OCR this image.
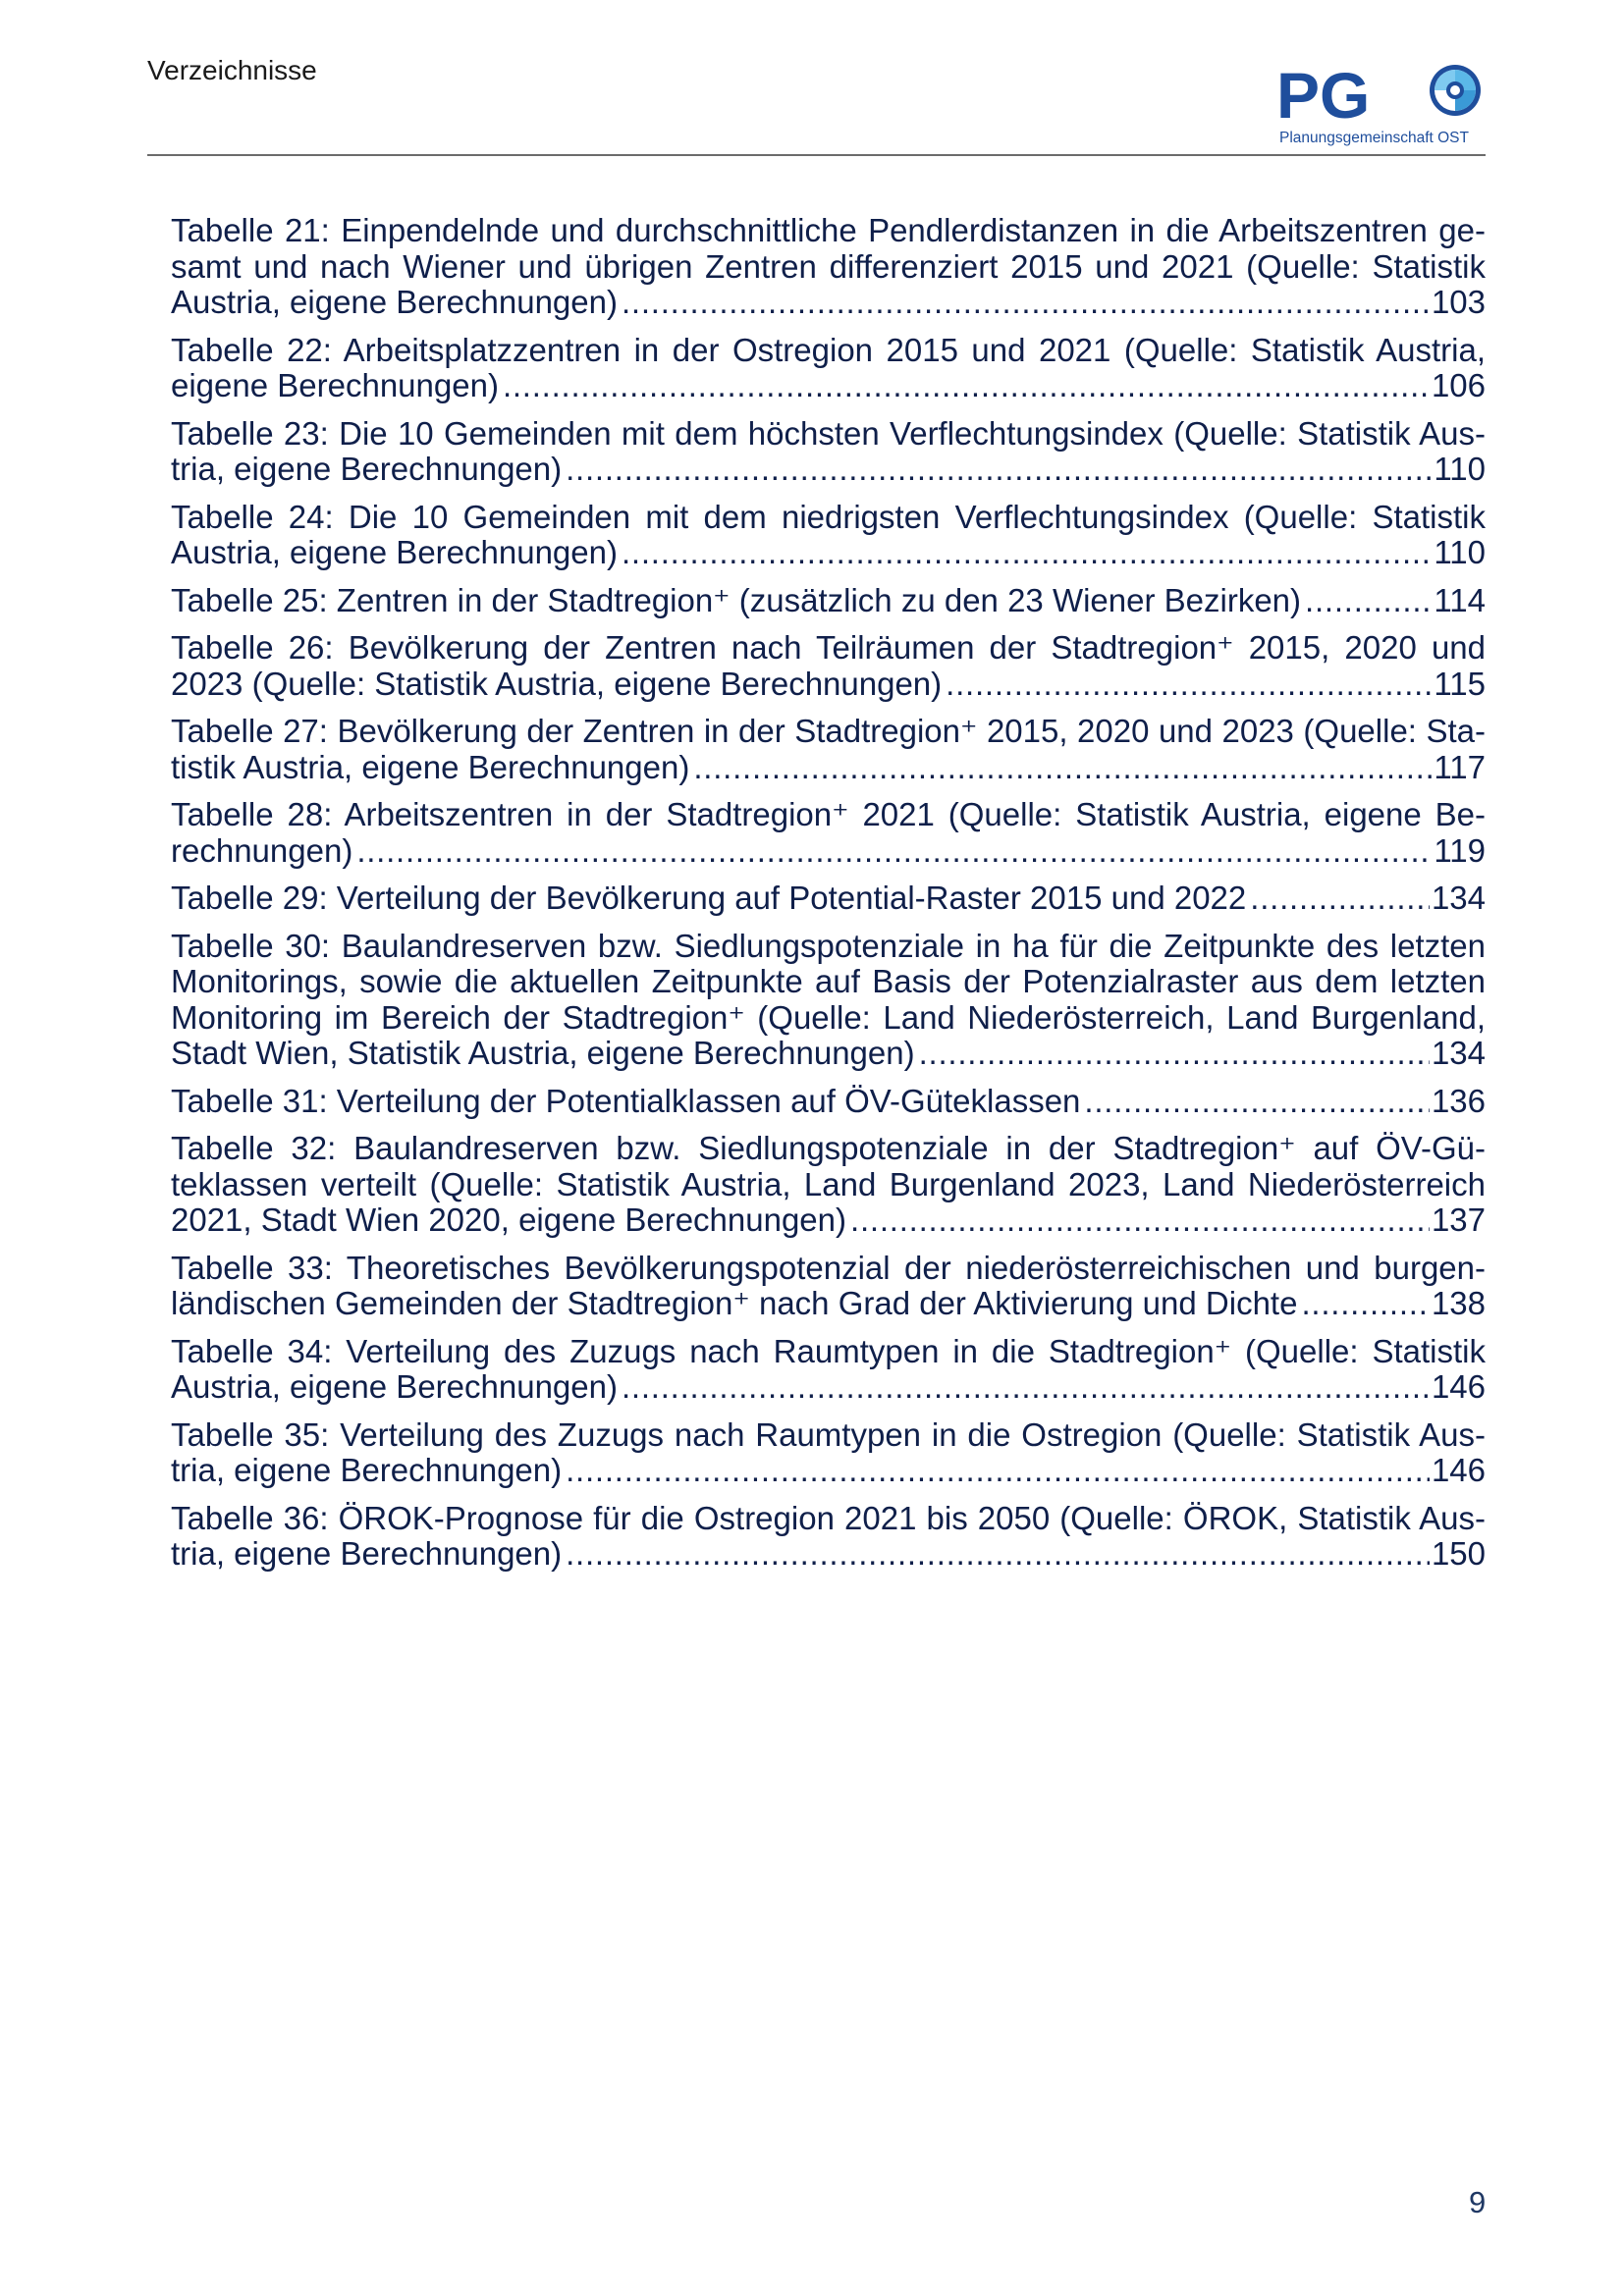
Verzeichnisse	PG
Planungsgemeinschaft OST
Tabelle 21: Einpendelnde und durchschnittliche Pendlerdistanzen in die Arbeitszentren ge-
samt und nach Wiener und übrigen Zentren differenziert 2015 und 2021 (Quelle: Statistik
Austria, eigene Berechnungen) . . .	103
Tabelle 22: Arbeitsplatzzentren in der Ostregion 2015 und 2021 (Quelle: Statistik Austria,
eigene Berechnungen) . . .	106
Tabelle 23: Die 10 Gemeinden mit dem höchsten Verflechtungsindex (Quelle: Statistik Aus-
tria, eigene Berechnungen) . . .	110
Tabelle 24: Die 10 Gemeinden mit dem niedrigsten Verflechtungsindex (Quelle: Statistik
Austria, eigene Berechnungen) . . .	110
Tabelle 25: Zentren in der Stadtregion⁺ (zusätzlich zu den 23 Wiener Bezirken) . . .	114
Tabelle 26: Bevölkerung der Zentren nach Teilräumen der Stadtregion⁺ 2015, 2020 und
2023 (Quelle: Statistik Austria, eigene Berechnungen) . . .	115
Tabelle 27: Bevölkerung der Zentren in der Stadtregion⁺ 2015, 2020 und 2023 (Quelle: Sta-
tistik Austria, eigene Berechnungen) . . .	117
Tabelle 28: Arbeitszentren in der Stadtregion⁺ 2021 (Quelle: Statistik Austria, eigene Be-
rechnungen) . . .	119
Tabelle 29: Verteilung der Bevölkerung auf Potential-Raster 2015 und 2022 . . .	134
Tabelle 30: Baulandreserven bzw. Siedlungspotenziale in ha für die Zeitpunkte des letzten
Monitorings, sowie die aktuellen Zeitpunkte auf Basis der Potenzialraster aus dem letzten
Monitoring im Bereich der Stadtregion⁺ (Quelle: Land Niederösterreich, Land Burgenland,
Stadt Wien, Statistik Austria, eigene Berechnungen) . . .	134
Tabelle 31: Verteilung der Potentialklassen auf ÖV-Güteklassen . . .	136
Tabelle 32: Baulandreserven bzw. Siedlungspotenziale in der Stadtregion⁺ auf ÖV-Gü-
teklassen verteilt (Quelle: Statistik Austria, Land Burgenland 2023, Land Niederösterreich
2021, Stadt Wien 2020, eigene Berechnungen) . . .	137
Tabelle 33: Theoretisches Bevölkerungspotenzial der niederösterreichischen und burgen-
ländischen Gemeinden der Stadtregion⁺ nach Grad der Aktivierung und Dichte . . .	138
Tabelle 34: Verteilung des Zuzugs nach Raumtypen in die Stadtregion⁺ (Quelle: Statistik
Austria, eigene Berechnungen) . . .	146
Tabelle 35: Verteilung des Zuzugs nach Raumtypen in die Ostregion (Quelle: Statistik Aus-
tria, eigene Berechnungen) . . .	146
Tabelle 36: ÖROK-Prognose für die Ostregion 2021 bis 2050 (Quelle: ÖROK, Statistik Aus-
tria, eigene Berechnungen) . . .	150
9
